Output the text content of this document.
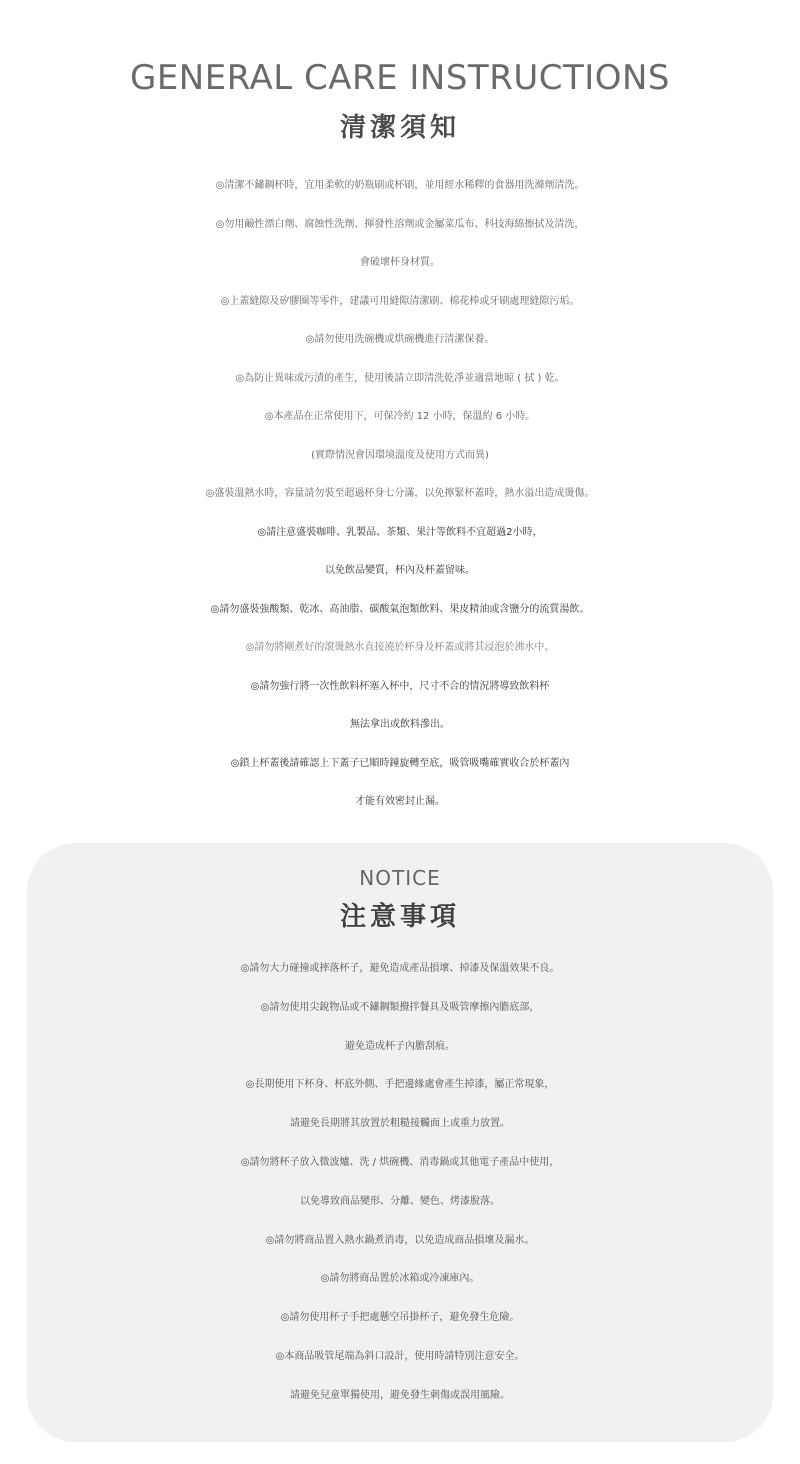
GENERAL CARE INSTRUCTIONS
清潔須知
◎清潔不鏽鋼杯時，宜用柔軟的奶瓶刷或杯刷，並用經水稀釋的食器用洗滌劑清洗。
◎勿用鹼性漂白劑、腐蝕性洗劑、揮發性溶劑或金屬菜瓜布、科技海綿擦拭及清洗，
會破壞杯身材質。
◎上蓋縫隙及矽膠圈等零件，建議可用縫隙清潔刷、棉花棒或牙刷處理縫隙污垢。
◎請勿使用洗碗機或烘碗機進行清潔保養。
◎為防止異味或污漬的產生，使用後請立即清洗乾淨並適當地晾 ( 拭 ) 乾。
◎本產品在正常使用下，可保冷約 12 小時，保溫約 6 小時。
(實際情況會因環境溫度及使用方式而異)
◎盛裝溫熱水時，容量請勿裝至超過杯身七分滿，以免擰緊杯蓋時，熱水溢出造成燙傷。
◎請注意盛裝咖啡、乳製品、茶類、果汁等飲料不宜超過2小時，
以免飲品變質，杯內及杯蓋留味。
◎請勿盛裝強酸類、乾冰、高油脂、碳酸氣泡類飲料、果皮精油或含鹽分的流質湯飲。
◎請勿將剛煮好的滾燙熱水直接澆於杯身及杯蓋或將其浸泡於沸水中。
◎請勿強行將一次性飲料杯塞入杯中，尺寸不合的情況將導致飲料杯
無法拿出或飲料滲出。
◎鎖上杯蓋後請確認上下蓋子已順時鐘旋轉至底，吸管吸嘴確實收合於杯蓋內
才能有效密封止漏。
NOTICE
注意事項
◎請勿大力碰撞或摔落杯子，避免造成產品損壞、掉漆及保溫效果不良。
◎請勿使用尖銳物品或不鏽鋼類攪拌餐具及吸管摩擦內膽底部，
避免造成杯子內膽刮痕。
◎長期使用下杯身、杯底外側、手把邊緣處會產生掉漆，屬正常現象，
請避免長期將其放置於粗糙接觸面上或重力放置。
◎請勿將杯子放入微波爐、洗 / 烘碗機、消毒鍋或其他電子產品中使用，
以免導致商品變形、分離、變色、烤漆脫落。
◎請勿將商品置入熱水鍋煮消毒，以免造成商品損壞及漏水。
◎請勿將商品置於冰箱或冷凍庫內。
◎請勿使用杯子手把處懸空吊掛杯子，避免發生危險。
◎本商品吸管尾端為斜口設計，使用時請特別注意安全。
請避免兒童單獨使用，避免發生刺傷或誤用風險。
